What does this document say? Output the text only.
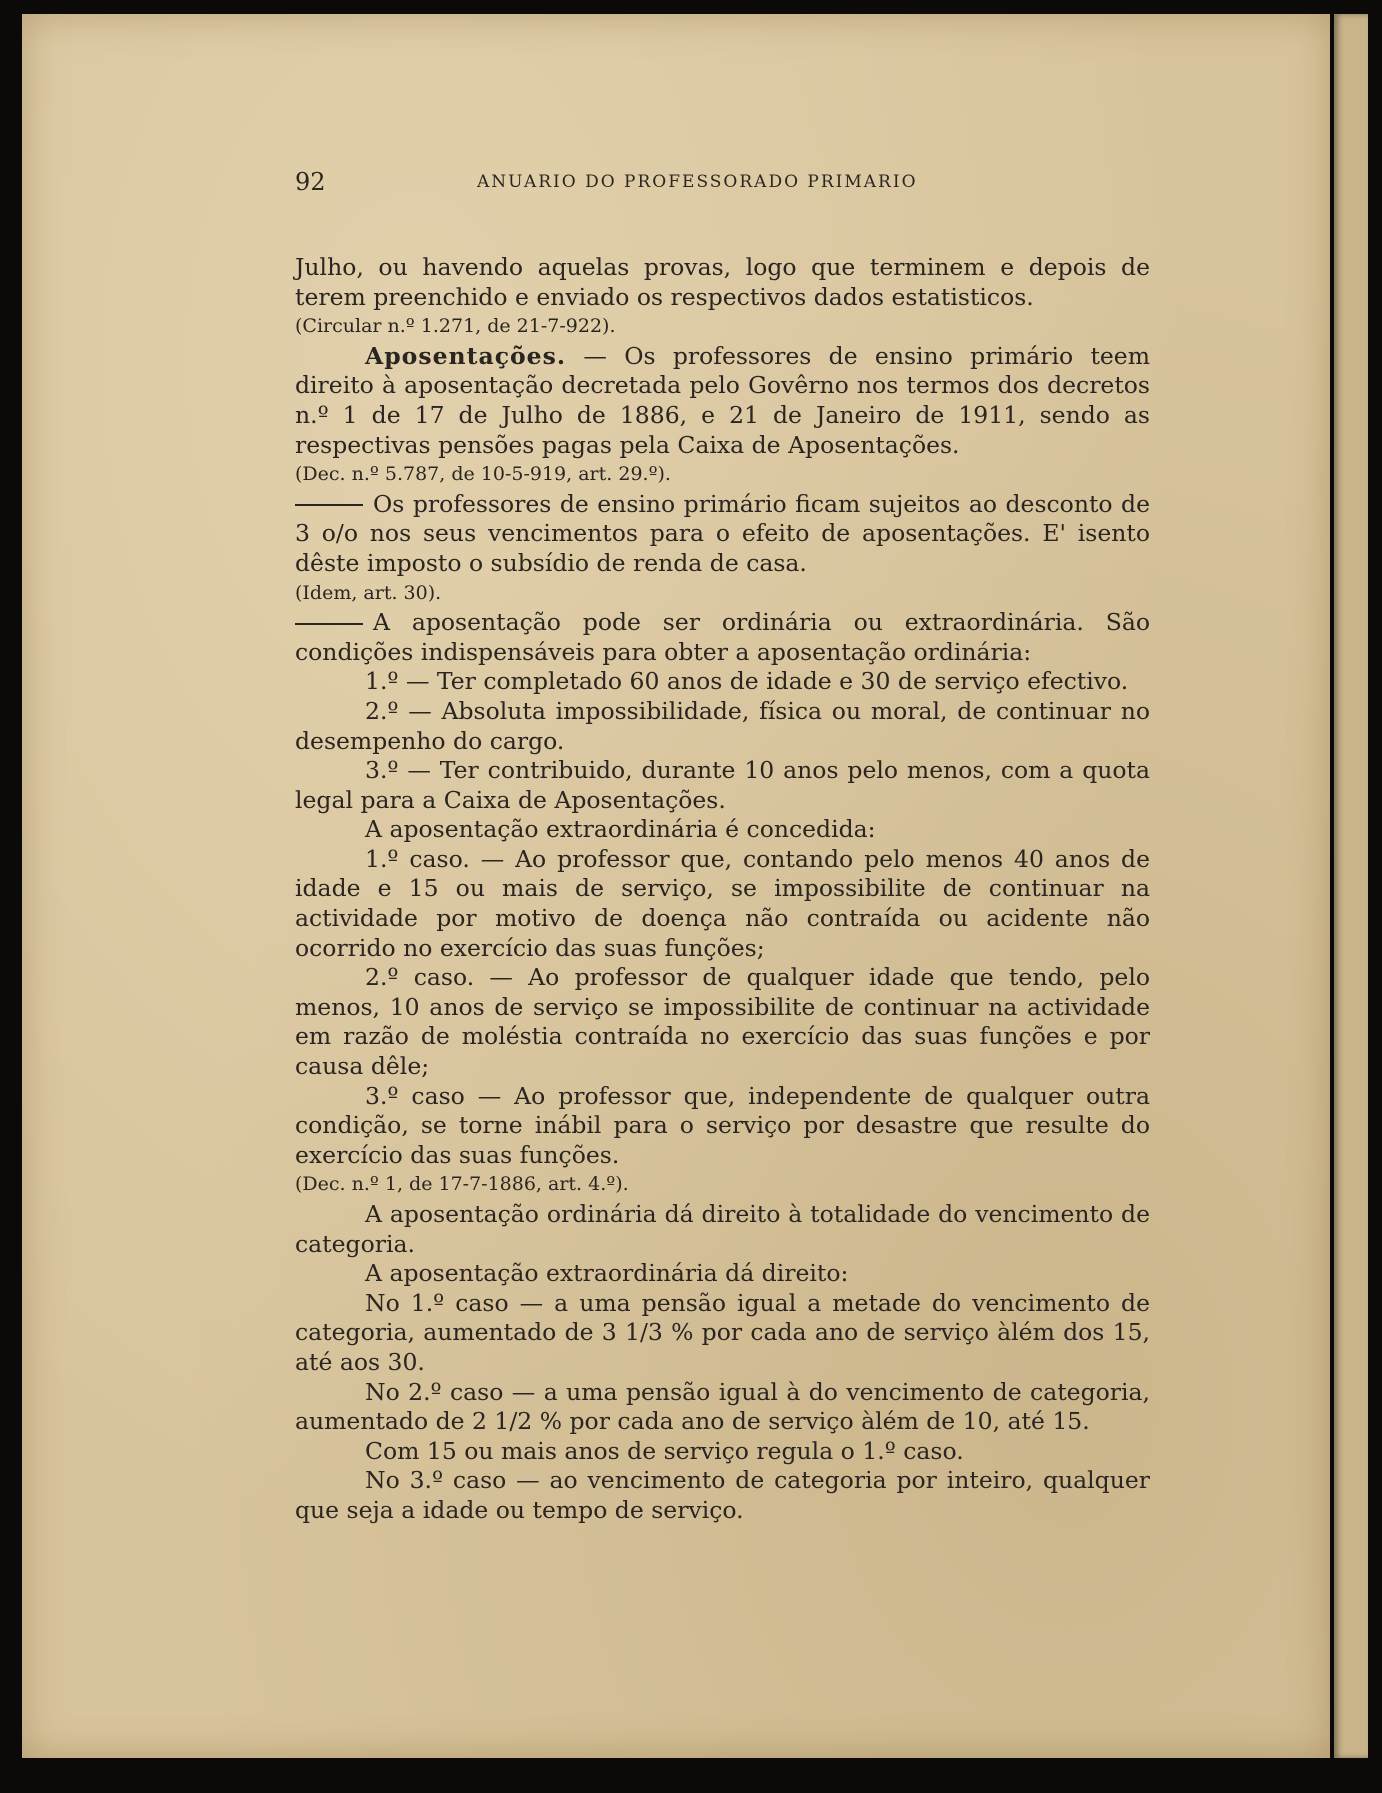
92	ANUARIO DO PROFESSORADO PRIMARIO

Julho, ou havendo aquelas provas, logo que terminem e depois de terem preenchido e enviado os respectivos dados estatisticos.

(Circular n.º 1.271, de 21-7-922).

Aposentações. — Os professores de ensino primário teem direito à aposentação decretada pelo Govêrno nos termos dos decretos n.º 1 de 17 de Julho de 1886, e 21 de Janeiro de 1911, sendo as respectivas pensões pagas pela Caixa de Aposentações.

(Dec. n.º 5.787, de 10-5-919, art. 29.º).

Os professores de ensino primário ficam sujeitos ao desconto de 3 o/o nos seus vencimentos para o efeito de aposentações. E' isento dêste imposto o subsídio de renda de casa.

(Idem, art. 30).

A aposentação pode ser ordinária ou extraordinária. São condições indispensáveis para obter a aposentação ordinária:

1.º — Ter completado 60 anos de idade e 30 de serviço efectivo.

2.º — Absoluta impossibilidade, física ou moral, de continuar no desempenho do cargo.

3.º — Ter contribuido, durante 10 anos pelo menos, com a quota legal para a Caixa de Aposentações.

A aposentação extraordinária é concedida:

1.º caso. — Ao professor que, contando pelo menos 40 anos de idade e 15 ou mais de serviço, se impossibilite de continuar na actividade por motivo de doença não contraída ou acidente não ocorrido no exercício das suas funções;

2.º caso. — Ao professor de qualquer idade que tendo, pelo menos, 10 anos de serviço se impossibilite de continuar na actividade em razão de moléstia contraída no exercício das suas funções e por causa dêle;

3.º caso — Ao professor que, independente de qualquer outra condição, se torne inábil para o serviço por desastre que resulte do exercício das suas funções.

(Dec. n.º 1, de 17-7-1886, art. 4.º).

A aposentação ordinária dá direito à totalidade do vencimento de categoria.

A aposentação extraordinária dá direito:

No 1.º caso — a uma pensão igual a metade do vencimento de categoria, aumentado de 3 1/3 % por cada ano de serviço àlém dos 15, até aos 30.

No 2.º caso — a uma pensão igual à do vencimento de categoria, aumentado de 2 1/2 % por cada ano de serviço àlém de 10, até 15.

Com 15 ou mais anos de serviço regula o 1.º caso.

No 3.º caso — ao vencimento de categoria por inteiro, qualquer que seja a idade ou tempo de serviço.
